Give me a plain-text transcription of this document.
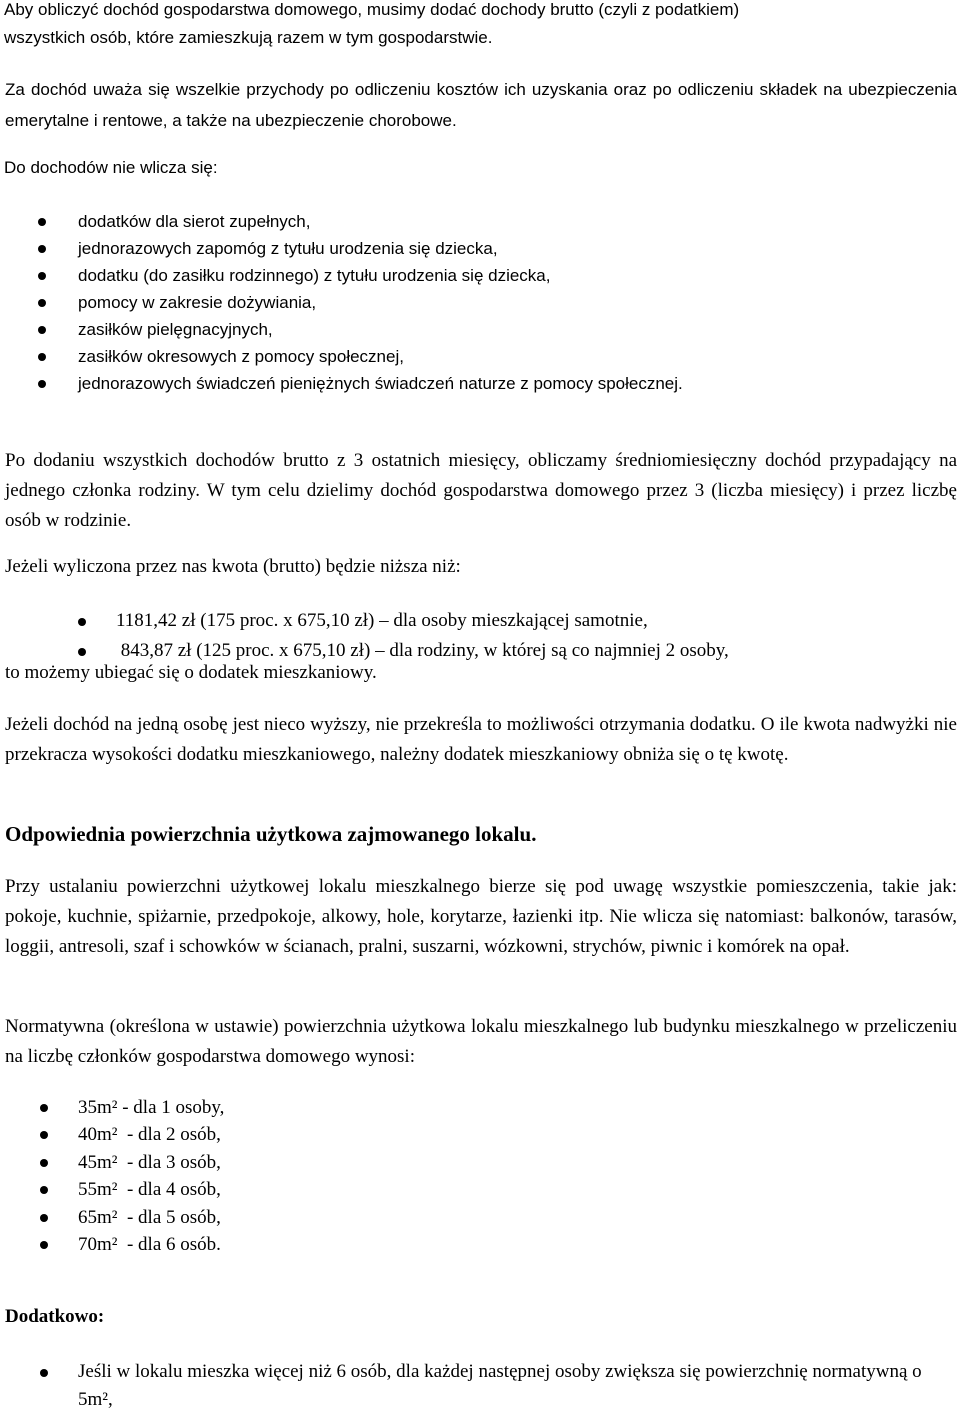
Aby obliczyć dochód gospodarstwa domowego, musimy dodać dochody brutto (czyli z podatkiem)

wszystkich osób, które zamieszkują razem w tym gospodarstwie.

Za dochód uważa się wszelkie przychody po odliczeniu kosztów ich uzyskania oraz po odliczeniu składek na ubezpieczenia emerytalne i rentowe, a także na ubezpieczenie chorobowe.

Do dochodów nie wlicza się:

dodatków dla sierot zupełnych,
jednorazowych zapomóg z tytułu urodzenia się dziecka,
dodatku (do zasiłku rodzinnego) z tytułu urodzenia się dziecka,
pomocy w zakresie dożywiania,
zasiłków pielęgnacyjnych,
zasiłków okresowych z pomocy społecznej,
jednorazowych świadczeń pieniężnych świadczeń naturze z pomocy społecznej.

Po dodaniu wszystkich dochodów brutto z 3 ostatnich miesięcy, obliczamy średniomiesięczny dochód przypadający na jednego członka rodziny. W tym celu dzielimy dochód gospodarstwa domowego przez 3 (liczba miesięcy) i przez liczbę osób w rodzinie.

Jeżeli wyliczona przez nas kwota (brutto) będzie niższa niż:

1181,42 zł (175 proc. x 675,10 zł) – dla osoby mieszkającej samotnie,
843,87 zł (125 proc. x 675,10 zł) – dla rodziny, w której są co najmniej 2 osoby,

to możemy ubiegać się o dodatek mieszkaniowy.

Jeżeli dochód na jedną osobę jest nieco wyższy, nie przekreśla to możliwości otrzymania dodatku. O ile kwota nadwyżki nie przekracza wysokości dodatku mieszkaniowego, należny dodatek mieszkaniowy obniża się o tę kwotę.

Odpowiednia powierzchnia użytkowa zajmowanego lokalu.

Przy ustalaniu powierzchni użytkowej lokalu mieszkalnego bierze się pod uwagę wszystkie pomieszczenia, takie jak: pokoje, kuchnie, spiżarnie, przedpokoje, alkowy, hole, korytarze, łazienki itp. Nie wlicza się natomiast: balkonów, tarasów, loggii, antresoli, szaf i schowków w ścianach, pralni, suszarni, wózkowni, strychów, piwnic i komórek na opał.

Normatywna (określona w ustawie) powierzchnia użytkowa lokalu mieszkalnego lub budynku mieszkalnego w przeliczeniu na liczbę członków gospodarstwa domowego wynosi:

35m² - dla 1 osoby,
40m²  - dla 2 osób,
45m²  - dla 3 osób,
55m²  - dla 4 osób,
65m²  - dla 5 osób,
70m²  - dla 6 osób.

Dodatkowo:

Jeśli w lokalu mieszka więcej niż 6 osób, dla każdej następnej osoby zwiększa się powierzchnię normatywną o 5m²,
